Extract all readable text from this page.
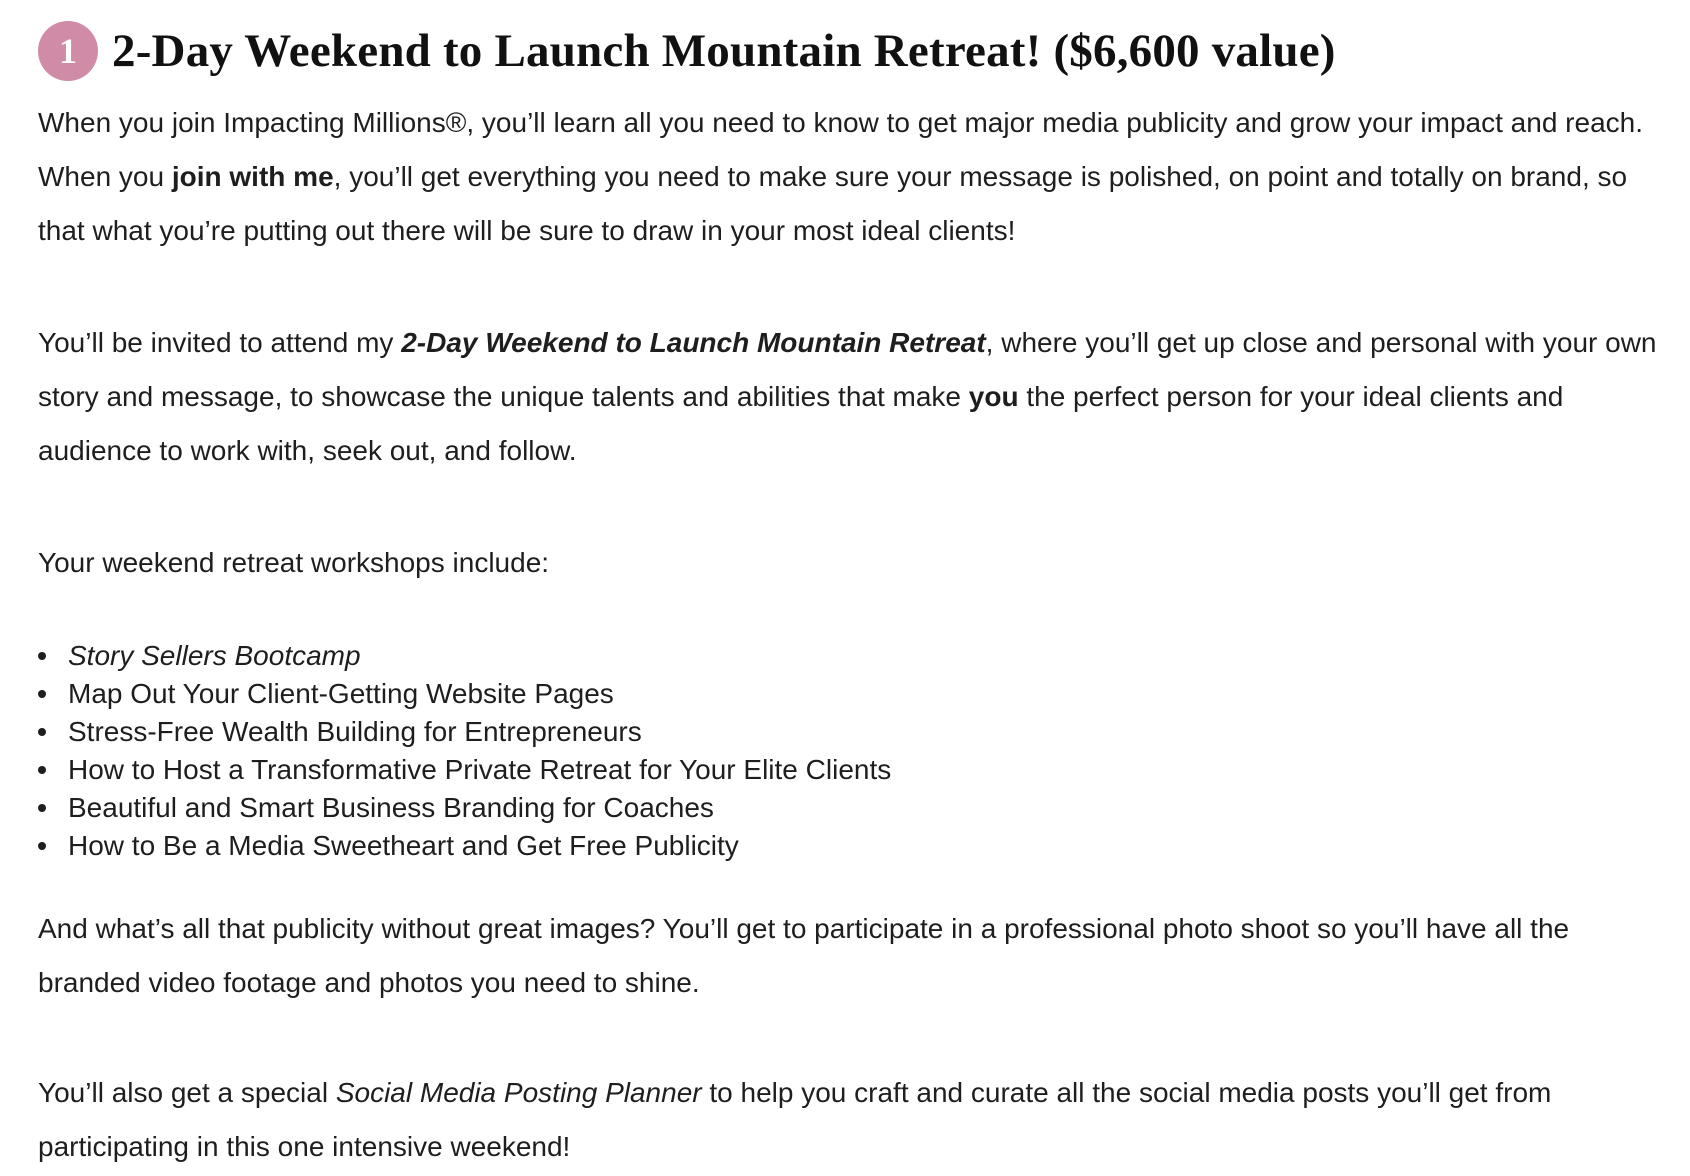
1 2-Day Weekend to Launch Mountain Retreat! ($6,600 value)

When you join Impacting Millions®, you’ll learn all you need to know to get major media publicity and grow your impact and reach.
When you join with me, you’ll get everything you need to make sure your message is polished, on point and totally on brand, so
that what you’re putting out there will be sure to draw in your most ideal clients!

You’ll be invited to attend my 2-Day Weekend to Launch Mountain Retreat, where you’ll get up close and personal with your own
story and message, to showcase the unique talents and abilities that make you the perfect person for your ideal clients and
audience to work with, seek out, and follow.

Your weekend retreat workshops include:

Story Sellers Bootcamp
Map Out Your Client-Getting Website Pages
Stress-Free Wealth Building for Entrepreneurs
How to Host a Transformative Private Retreat for Your Elite Clients
Beautiful and Smart Business Branding for Coaches
How to Be a Media Sweetheart and Get Free Publicity

And what’s all that publicity without great images? You’ll get to participate in a professional photo shoot so you’ll have all the
branded video footage and photos you need to shine.

You’ll also get a special Social Media Posting Planner to help you craft and curate all the social media posts you’ll get from
participating in this one intensive weekend!
